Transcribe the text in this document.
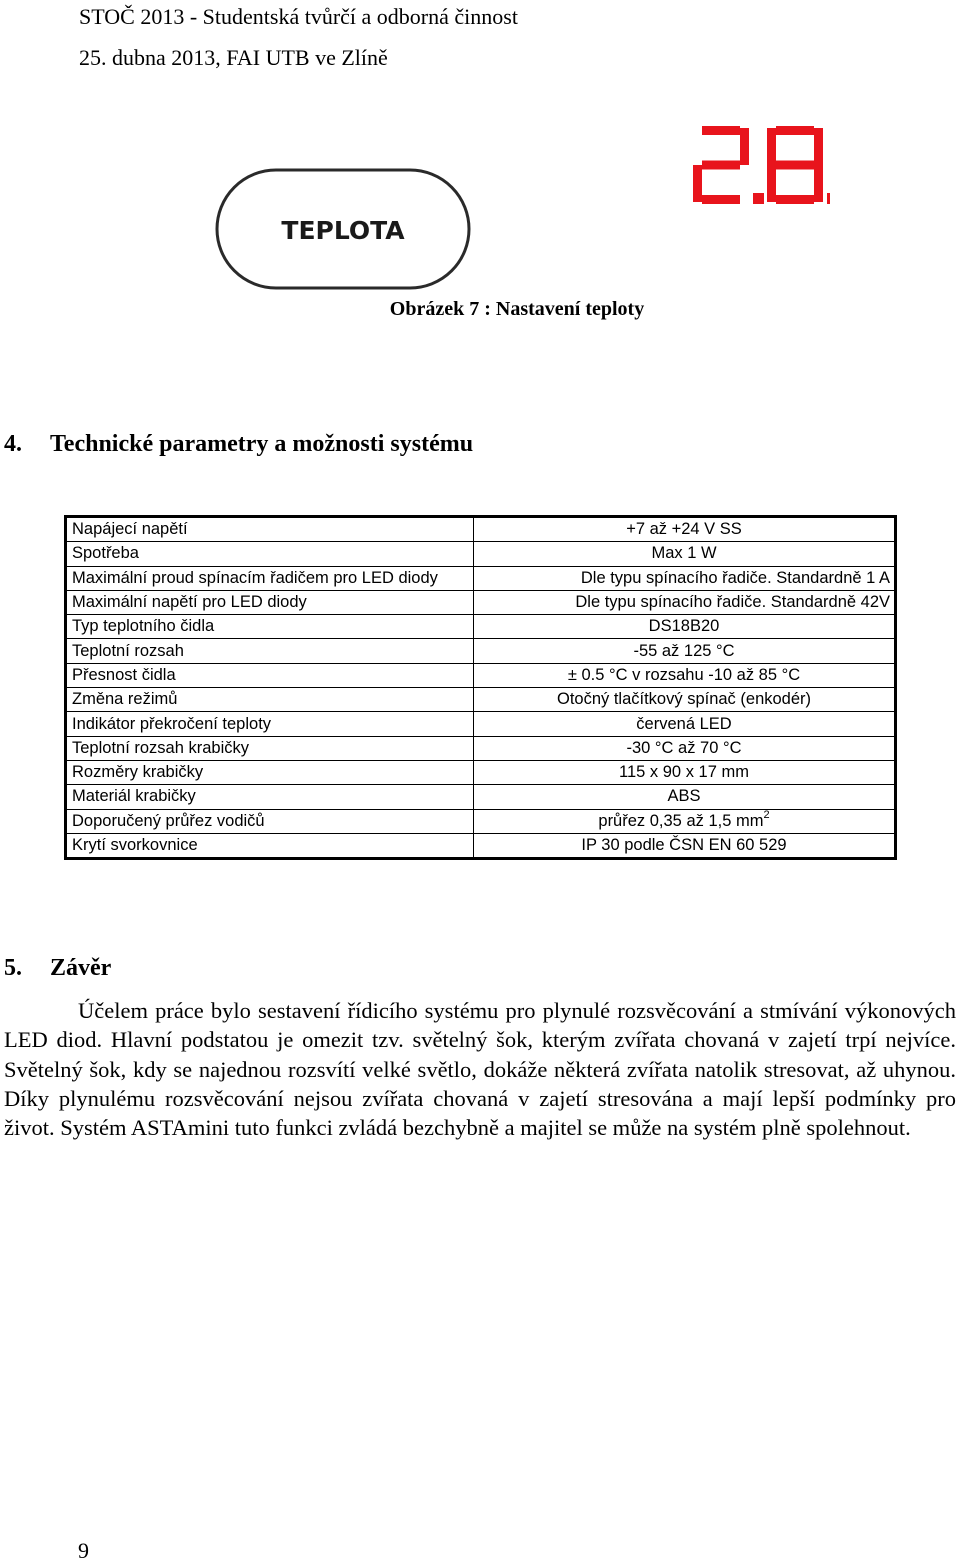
STOČ 2013 - Studentská tvůrčí a odborná činnost
25. dubna 2013, FAI UTB ve Zlíně
TEPLOTA
Obrázek 7 : Nastavení teploty
4. Technické parametry a možnosti systému
Napájecí napětí	+7 až +24 V SS
Spotřeba	Max 1 W
Maximální proud spínacím řadičem pro LED diody	Dle typu spínacího řadiče. Standardně 1 A
Maximální napětí pro LED diody	Dle typu spínacího řadiče. Standardně 42V
Typ teplotního čidla	DS18B20
Teplotní rozsah	-55 až 125 °C
Přesnost čidla	± 0.5 °C v rozsahu -10 až 85 °C
Změna režimů	Otočný tlačítkový spínač (enkodér)
Indikátor překročení teploty	červená LED
Teplotní rozsah krabičky	-30 °C až 70 °C
Rozměry krabičky	115 x 90 x 17 mm
Materiál krabičky	ABS
Doporučený průřez vodičů	průřez 0,35 až 1,5 $mm^2$
Krytí svorkovnice	IP 30 podle ČSN EN 60 529
5. Závěr

Účelem práce bylo sestavení řídicího systému pro plynulé rozsvěcování a stmívání výkonových LED diod. Hlavní podstatou je omezit tzv. světelný šok, kterým zvířata chovaná v zajetí trpí nejvíce. Světelný šok, kdy se najednou rozsvítí velké světlo, dokáže některá zvířata natolik stresovat, až uhynou. Díky plynulému rozsvěcování nejsou zvířata chovaná v zajetí stresována a mají lepší podmínky pro život. Systém ASTAmini tuto funkci zvládá bezchybně a majitel se může na systém plně spolehnout.

9
